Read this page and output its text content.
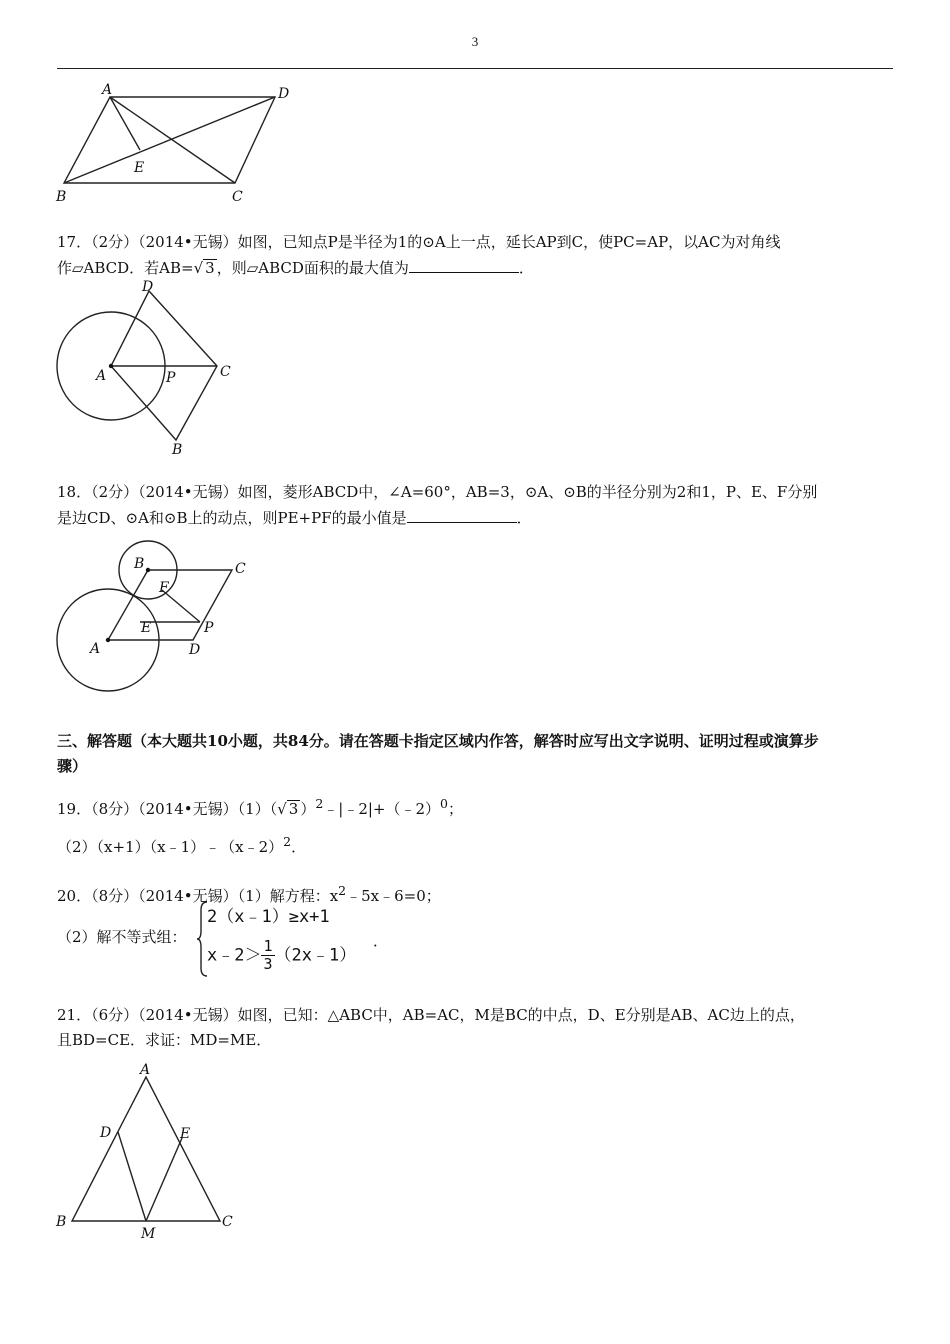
3
A	D
E
B	C
17．（2分）（2014•无锡）如图，已知点P是半径为1的⊙A上一点，延长AP到C，使PC=AP，以AC为对角线
作▱ABCD．若AB=√ 3 ，则▱ABCD面积的最大值为	．
D
A	P	C
B
18．（2分）（2014•无锡）如图，菱形ABCD中，∠A=60°，AB=3，⊙A、⊙B的半径分别为2和1，P、E、F分别
是边CD、⊙A和⊙B上的动点，则PE+PF的最小值是	．
B	C
F
E	P
A	D
三、解答题（本大题共10小题，共84分。请在答题卡指定区域内作答，解答时应写出文字说明、证明过程或演算步
骤）
19．（8分）（2014•无锡）（1）（√ 3 ）$^2$﹣|﹣2|+（﹣2）$^0$；
（2）（x+1）（x﹣1）﹣（x﹣2）$^2$．
20．（8分）（2014•无锡）（1）解方程：$x^2﹣5x﹣6=0$；
（2）解不等式组：
2（x﹣1）≥x+1
x﹣2＞ $\frac{1}{3}$ （2x﹣1）
．
21．（6分）（2014•无锡）如图，已知：△ABC中，AB=AC，M是BC的中点，D、E分别是AB、AC边上的点，
且BD=CE．求证：MD=ME．
A
D	E
B
M
C
